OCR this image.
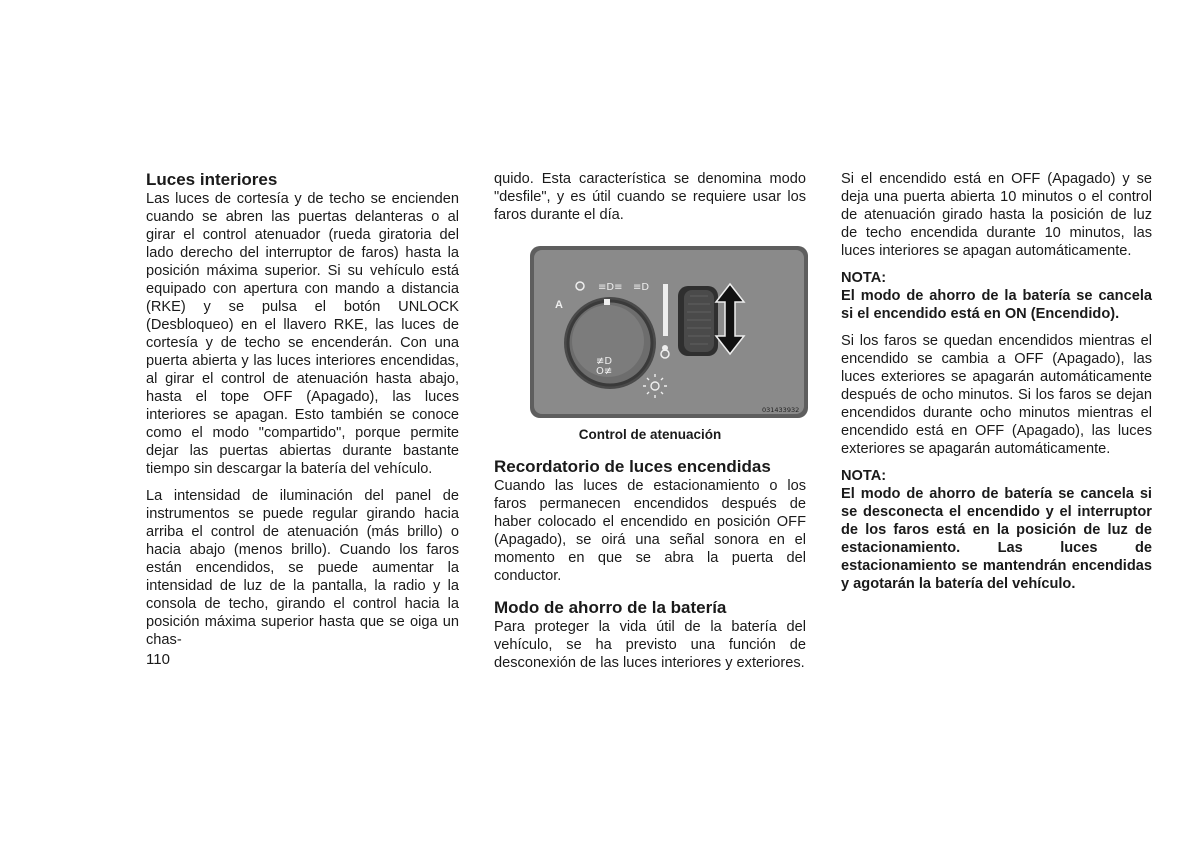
Luces interiores

Las luces de cortesía y de techo se encienden cuando se abren las puertas delanteras o al girar el control atenuador (rueda giratoria del lado derecho del interruptor de faros) hasta la posición máxima superior. Si su vehículo está equipado con apertura con mando a distancia (RKE) y se pulsa el botón UNLOCK (Desbloqueo) en el llavero RKE, las luces de cortesía y de techo se encenderán. Con una puerta abierta y las luces interiores encendidas, al girar el control de atenuación hasta abajo, hasta el tope OFF (Apagado), las luces interiores se apagan. Esto también se conoce como el modo "compartido", porque permite dejar las puertas abiertas durante bastante tiempo sin descargar la batería del vehículo.

La intensidad de iluminación del panel de instrumentos se puede regular girando hacia arriba el control de atenuación (más brillo) o hacia abajo (menos brillo). Cuando los faros están encendidos, se puede aumentar la intensidad de luz de la pantalla, la radio y la consola de techo, girando el control hacia la posición máxima superior hasta que se oiga un chas-

quido. Esta característica se denomina modo "desfile", y es útil cuando se requiere usar los faros durante el día.

≡D≡ ≡D
A
≢D
O≢
031433932
Control de atenuación
Recordatorio de luces encendidas

Cuando las luces de estacionamiento o los faros permanecen encendidos después de haber colocado el encendido en posición OFF (Apagado), se oirá una señal sonora en el momento en que se abra la puerta del conductor.

Modo de ahorro de la batería

Para proteger la vida útil de la batería del vehículo, se ha previsto una función de desconexión de las luces interiores y exteriores.

Si el encendido está en OFF (Apagado) y se deja una puerta abierta 10 minutos o el control de atenuación girado hasta la posición de luz de techo encendida durante 10 minutos, las luces interiores se apagan automáticamente.

NOTA:

El modo de ahorro de la batería se cancela si el encendido está en ON (Encendido).

Si los faros se quedan encendidos mientras el encendido se cambia a OFF (Apagado), las luces exteriores se apagarán automáticamente después de ocho minutos. Si los faros se dejan encendidos durante ocho minutos mientras el encendido está en OFF (Apagado), las luces exteriores se apagarán automáticamente.

NOTA:

El modo de ahorro de batería se cancela si se desconecta el encendido y el interruptor de los faros está en la posición de luz de estacionamiento. Las luces de estacionamiento se mantendrán encendidas y agotarán la batería del vehículo.

110
